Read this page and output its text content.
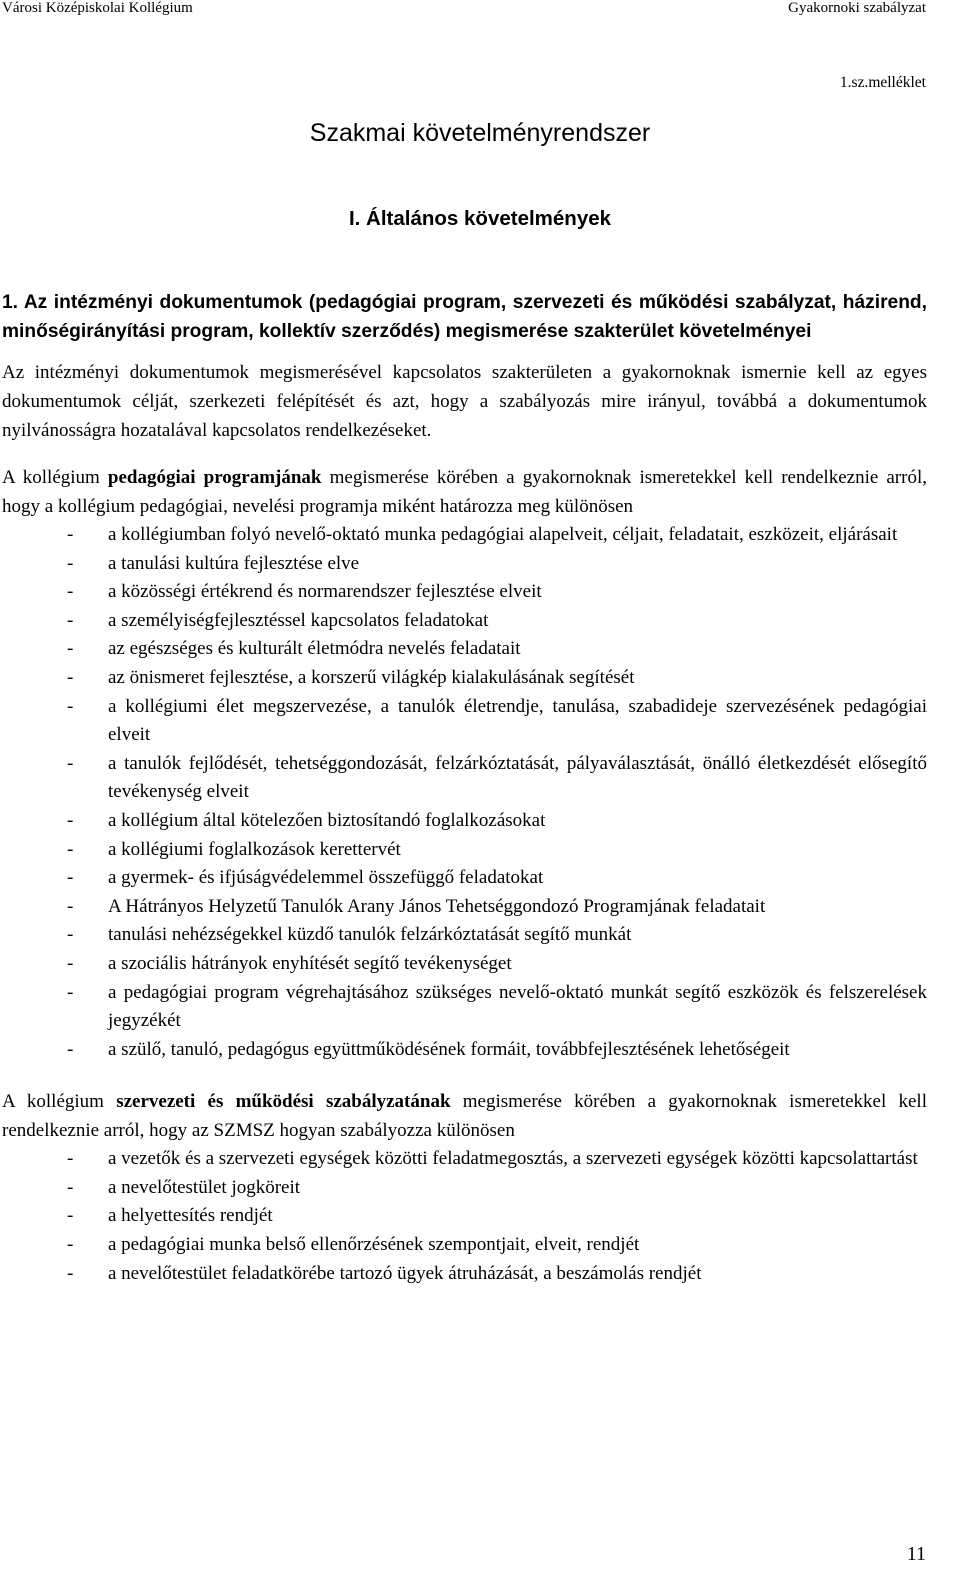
Városi Középiskolai Kollégium	Gyakornoki szabályzat
1.sz.melléklet
Szakmai követelményrendszer
I. Általános követelmények

1. Az intézményi dokumentumok (pedagógiai program, szervezeti és működési szabályzat, házirend, minőségirányítási program, kollektív szerződés) megismerése szakterület követelményei

Az intézményi dokumentumok megismerésével kapcsolatos szakterületen a gyakornoknak ismernie kell az egyes dokumentumok célját, szerkezeti felépítését és azt, hogy a szabályozás mire irányul, továbbá a dokumentumok nyilvánosságra hozatalával kapcsolatos rendelkezéseket.

A kollégium pedagógiai programjának megismerése körében a gyakornoknak ismeretekkel kell rendelkeznie arról, hogy a kollégium pedagógiai, nevelési programja miként határozza meg különösen

- a kollégiumban folyó nevelő-oktató munka pedagógiai alapelveit, céljait, feladatait, eszközeit, eljárásait
- a tanulási kultúra fejlesztése elve
- a közösségi értékrend és normarendszer fejlesztése elveit
- a személyiségfejlesztéssel kapcsolatos feladatokat
- az egészséges és kulturált életmódra nevelés feladatait
- az önismeret fejlesztése, a korszerű világkép kialakulásának segítését
- a kollégiumi élet megszervezése, a tanulók életrendje, tanulása, szabadideje szervezésének pedagógiai elveit
- a tanulók fejlődését, tehetséggondozását, felzárkóztatását, pályaválasztását, önálló életkezdését elősegítő tevékenység elveit
- a kollégium által kötelezően biztosítandó foglalkozásokat
- a kollégiumi foglalkozások kerettervét
- a gyermek- és ifjúságvédelemmel összefüggő feladatokat
- A Hátrányos Helyzetű Tanulók Arany János Tehetséggondozó Programjának feladatait
- tanulási nehézségekkel küzdő tanulók felzárkóztatását segítő munkát
- a szociális hátrányok enyhítését segítő tevékenységet
- a pedagógiai program végrehajtásához szükséges nevelő-oktató munkát segítő eszközök és felszerelések jegyzékét
- a szülő, tanuló, pedagógus együttműködésének formáit, továbbfejlesztésének lehetőségeit

A kollégium szervezeti és működési szabályzatának megismerése körében a gyakornoknak ismeretekkel kell rendelkeznie arról, hogy az SZMSZ hogyan szabályozza különösen

- a vezetők és a szervezeti egységek közötti feladatmegosztás, a szervezeti egységek közötti kapcsolattartást
- a nevelőtestület jogköreit
- a helyettesítés rendjét
- a pedagógiai munka belső ellenőrzésének szempontjait, elveit, rendjét
- a nevelőtestület feladatkörébe tartozó ügyek átruházását, a beszámolás rendjét
11
